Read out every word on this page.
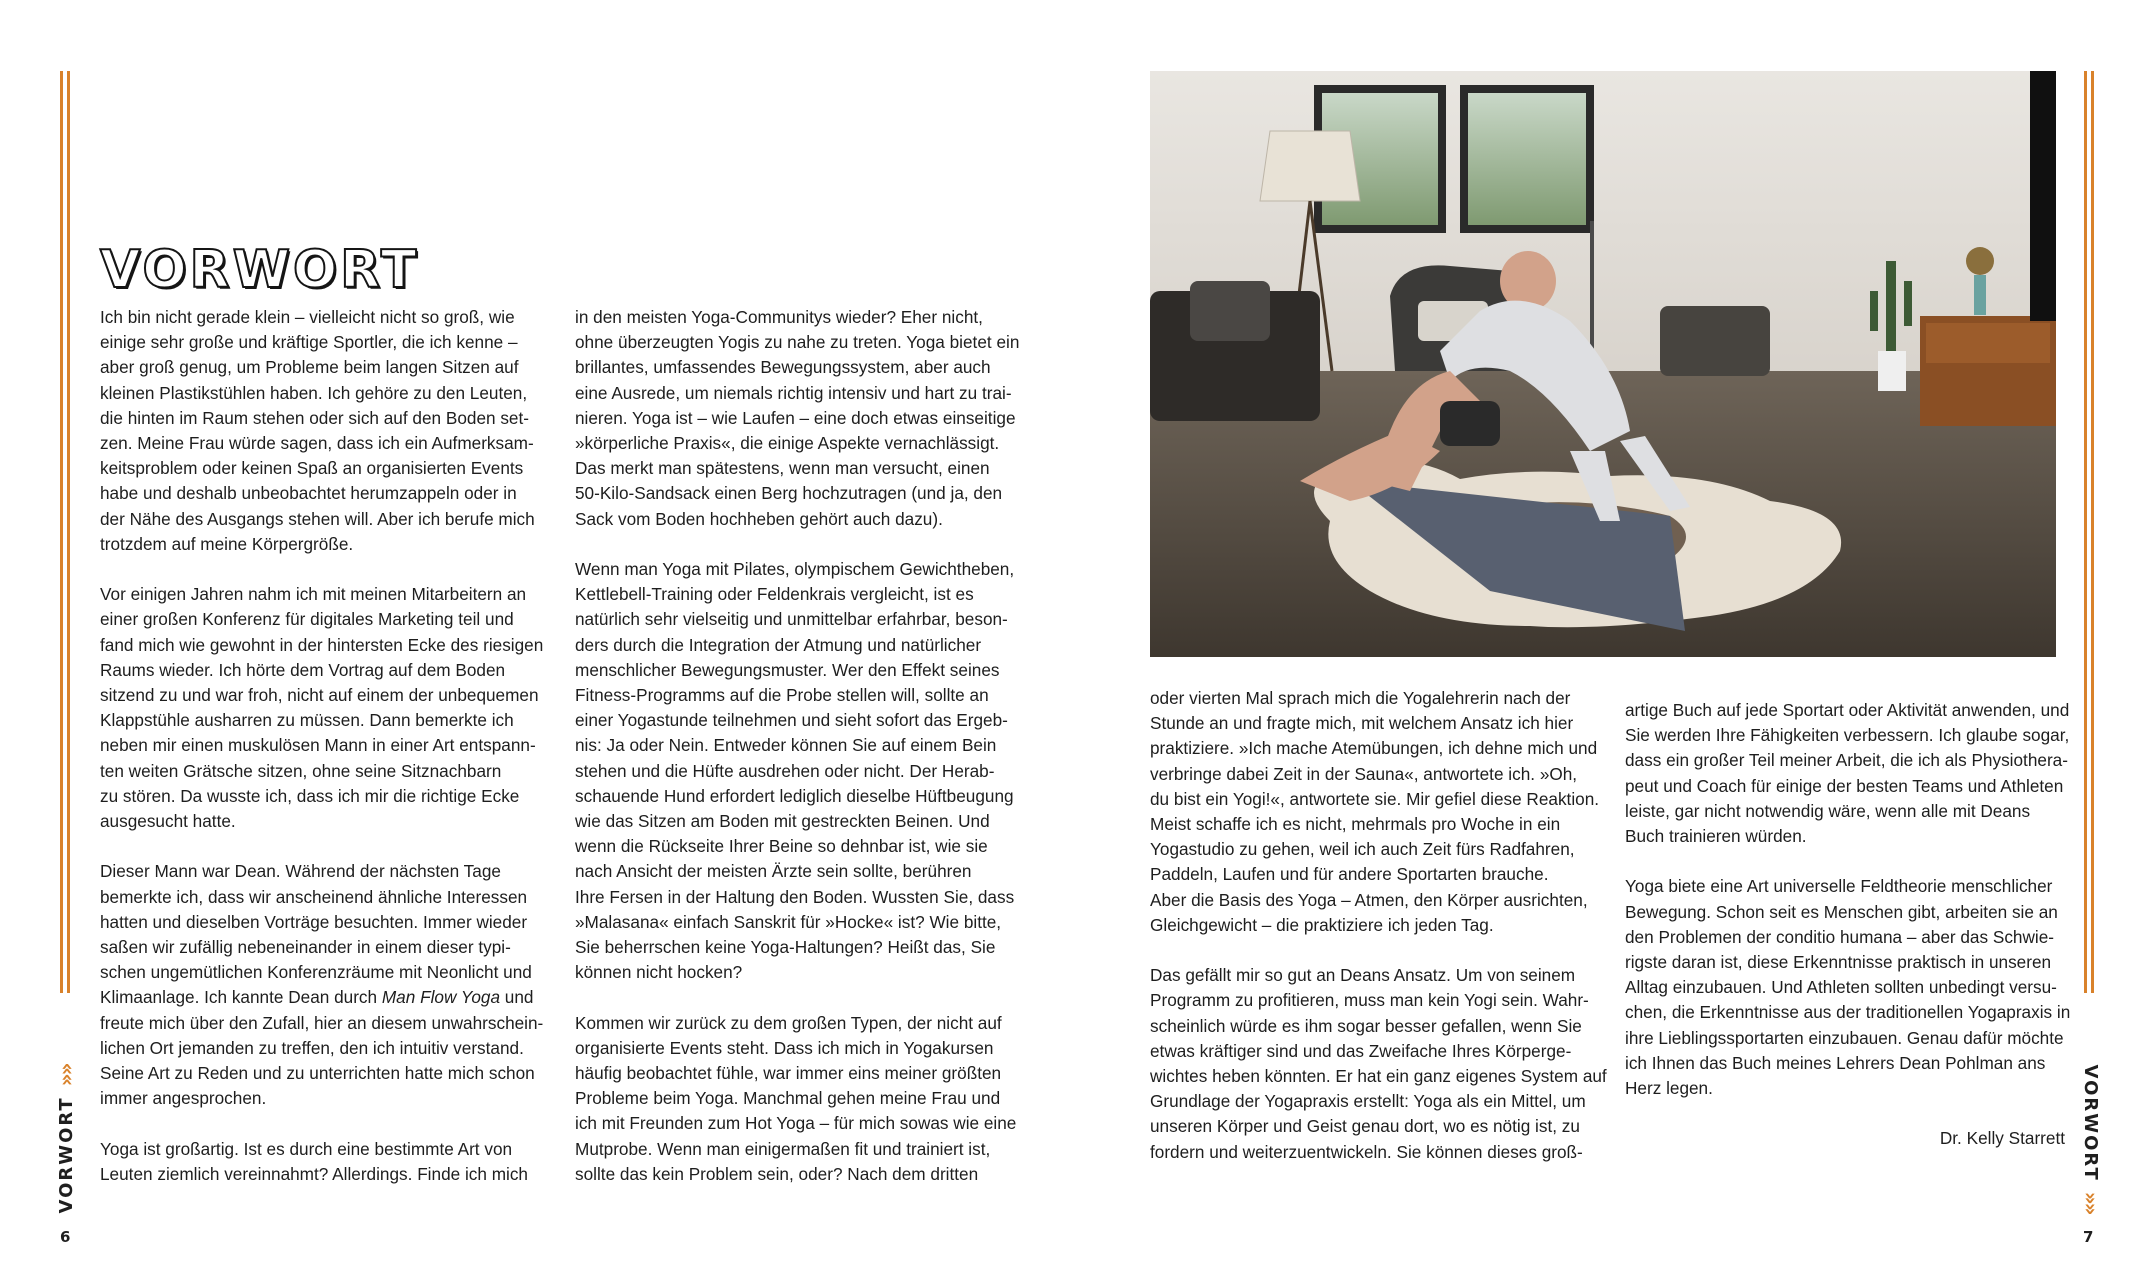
VORWORT
»»	VORWORT
»»
6	7
VORWORT

Ich bin nicht gerade klein – vielleicht nicht so groß, wie
einige sehr große und kräftige Sportler, die ich kenne –
aber groß genug, um Probleme beim langen Sitzen auf
kleinen Plastikstühlen haben. Ich gehöre zu den Leuten,
die hinten im Raum stehen oder sich auf den Boden set-
zen. Meine Frau würde sagen, dass ich ein Aufmerksam-
keitsproblem oder keinen Spaß an organisierten Events
habe und deshalb unbeobachtet herumzappeln oder in
der Nähe des Ausgangs stehen will. Aber ich berufe mich
trotzdem auf meine Körpergröße.

Vor einigen Jahren nahm ich mit meinen Mitarbeitern an
einer großen Konferenz für digitales Marketing teil und
fand mich wie gewohnt in der hintersten Ecke des riesigen
Raums wieder. Ich hörte dem Vortrag auf dem Boden
sitzend zu und war froh, nicht auf einem der unbequemen
Klappstühle ausharren zu müssen. Dann bemerkte ich
neben mir einen muskulösen Mann in einer Art entspann-
ten weiten Grätsche sitzen, ohne seine Sitznachbarn
zu stören. Da wusste ich, dass ich mir die richtige Ecke
ausgesucht hatte.

Dieser Mann war Dean. Während der nächsten Tage
bemerkte ich, dass wir anscheinend ähnliche Interessen
hatten und dieselben Vorträge besuchten. Immer wieder
saßen wir zufällig nebeneinander in einem dieser typi-
schen ungemütlichen Konferenzräume mit Neonlicht und
Klimaanlage. Ich kannte Dean durch Man Flow Yoga und
freute mich über den Zufall, hier an diesem unwahrschein-
lichen Ort jemanden zu treffen, den ich intuitiv verstand.
Seine Art zu Reden und zu unterrichten hatte mich schon
immer angesprochen.

Yoga ist großartig. Ist es durch eine bestimmte Art von
Leuten ziemlich vereinnahmt? Allerdings. Finde ich mich

in den meisten Yoga-Communitys wieder? Eher nicht,
ohne überzeugten Yogis zu nahe zu treten. Yoga bietet ein
brillantes, umfassendes Bewegungssystem, aber auch
eine Ausrede, um niemals richtig intensiv und hart zu trai-
nieren. Yoga ist – wie Laufen – eine doch etwas einseitige
»körperliche Praxis«, die einige Aspekte vernachlässigt.
Das merkt man spätestens, wenn man versucht, einen
50-Kilo-Sandsack einen Berg hochzutragen (und ja, den
Sack vom Boden hochheben gehört auch dazu).

Wenn man Yoga mit Pilates, olympischem Gewichtheben,
Kettlebell-Training oder Feldenkrais vergleicht, ist es
natürlich sehr vielseitig und unmittelbar erfahrbar, beson-
ders durch die Integration der Atmung und natürlicher
menschlicher Bewegungsmuster. Wer den Effekt seines
Fitness-Programms auf die Probe stellen will, sollte an
einer Yogastunde teilnehmen und sieht sofort das Ergeb-
nis: Ja oder Nein. Entweder können Sie auf einem Bein
stehen und die Hüfte ausdrehen oder nicht. Der Herab-
schauende Hund erfordert lediglich dieselbe Hüftbeugung
wie das Sitzen am Boden mit gestreckten Beinen. Und
wenn die Rückseite Ihrer Beine so dehnbar ist, wie sie
nach Ansicht der meisten Ärzte sein sollte, berühren
Ihre Fersen in der Haltung den Boden. Wussten Sie, dass
»Malasana« einfach Sanskrit für »Hocke« ist? Wie bitte,
Sie beherrschen keine Yoga-Haltungen? Heißt das, Sie
können nicht hocken?

Kommen wir zurück zu dem großen Typen, der nicht auf
organisierte Events steht. Dass ich mich in Yogakursen
häufig beobachtet fühle, war immer eins meiner größten
Probleme beim Yoga. Manchmal gehen meine Frau und
ich mit Freunden zum Hot Yoga – für mich sowas wie eine
Mutprobe. Wenn man einigermaßen fit und trainiert ist,
sollte das kein Problem sein, oder? Nach dem dritten

oder vierten Mal sprach mich die Yogalehrerin nach der
Stunde an und fragte mich, mit welchem Ansatz ich hier
praktiziere. »Ich mache Atemübungen, ich dehne mich und
verbringe dabei Zeit in der Sauna«, antwortete ich. »Oh,
du bist ein Yogi!«, antwortete sie. Mir gefiel diese Reaktion.
Meist schaffe ich es nicht, mehrmals pro Woche in ein
Yogastudio zu gehen, weil ich auch Zeit fürs Radfahren,
Paddeln, Laufen und für andere Sportarten brauche.
Aber die Basis des Yoga – Atmen, den Körper ausrichten,
Gleichgewicht – die praktiziere ich jeden Tag.

Das gefällt mir so gut an Deans Ansatz. Um von seinem
Programm zu profitieren, muss man kein Yogi sein. Wahr-
scheinlich würde es ihm sogar besser gefallen, wenn Sie
etwas kräftiger sind und das Zweifache Ihres Körperge-
wichtes heben könnten. Er hat ein ganz eigenes System auf
Grundlage der Yogapraxis erstellt: Yoga als ein Mittel, um
unseren Körper und Geist genau dort, wo es nötig ist, zu
fordern und weiterzuentwickeln. Sie können dieses groß-

artige Buch auf jede Sportart oder Aktivität anwenden, und
Sie werden Ihre Fähigkeiten verbessern. Ich glaube sogar,
dass ein großer Teil meiner Arbeit, die ich als Physiothera-
peut und Coach für einige der besten Teams und Athleten
leiste, gar nicht notwendig wäre, wenn alle mit Deans
Buch trainieren würden.

Yoga biete eine Art universelle Feldtheorie menschlicher
Bewegung. Schon seit es Menschen gibt, arbeiten sie an
den Problemen der conditio humana – aber das Schwie-
rigste daran ist, diese Erkenntnisse praktisch in unseren
Alltag einzubauen. Und Athleten sollten unbedingt versu-
chen, die Erkenntnisse aus der traditionellen Yogapraxis in
ihre Lieblingssportarten einzubauen. Genau dafür möchte
ich Ihnen das Buch meines Lehrers Dean Pohlman ans
Herz legen.

Dr. Kelly Starrett
